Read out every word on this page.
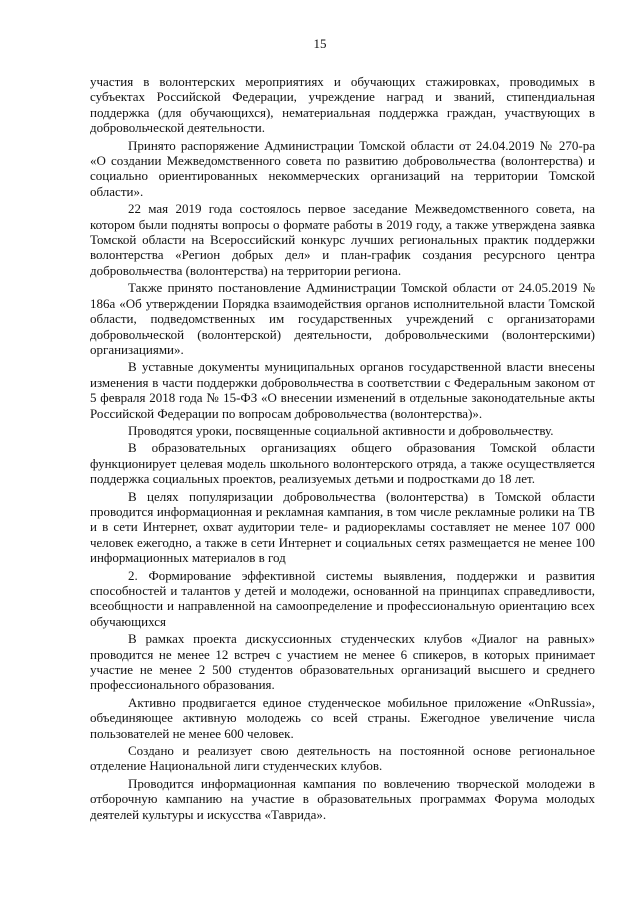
15

участия в волонтерских мероприятиях и обучающих стажировках, проводимых в субъектах Российской Федерации, учреждение наград и званий, стипендиальная поддержка (для обучающихся), нематериальная поддержка граждан, участвующих в добровольческой деятельности.

Принято распоряжение Администрации Томской области от 24.04.2019 № 270-ра «О создании Межведомственного совета по развитию добровольчества (волонтерства) и социально ориентированных некоммерческих организаций на территории Томской области».

22 мая 2019 года состоялось первое заседание Межведомственного совета, на котором были подняты вопросы о формате работы в 2019 году, а также утверждена заявка Томской области на Всероссийский конкурс лучших региональных практик поддержки волонтерства «Регион добрых дел» и план-график создания ресурсного центра добровольчества (волонтерства) на территории региона.

Также принято постановление Администрации Томской области от 24.05.2019 № 186а «Об утверждении Порядка взаимодействия органов исполнительной власти Томской области, подведомственных им государственных учреждений с организаторами добровольческой (волонтерской) деятельности, добровольческими (волонтерскими) организациями».

В уставные документы муниципальных органов государственной власти внесены изменения в части поддержки добровольчества в соответствии с Федеральным законом от 5 февраля 2018 года № 15-ФЗ «О внесении изменений в отдельные законодательные акты Российской Федерации по вопросам добровольчества (волонтерства)».

Проводятся уроки, посвященные социальной активности и добровольчеству.

В образовательных организациях общего образования Томской области функционирует целевая модель школьного волонтерского отряда, а также осуществляется поддержка социальных проектов, реализуемых детьми и подростками до 18 лет.

В целях популяризации добровольчества (волонтерства) в Томской области проводится информационная и рекламная кампания, в том числе рекламные ролики на ТВ и в сети Интернет, охват аудитории теле- и радиорекламы составляет не менее 107 000 человек ежегодно, а также в сети Интернет и социальных сетях размещается не менее 100 информационных материалов в год

2. Формирование эффективной системы выявления, поддержки и развития способностей и талантов у детей и молодежи, основанной на принципах справедливости, всеобщности и направленной на самоопределение и профессиональную ориентацию всех обучающихся

В рамках проекта дискуссионных студенческих клубов «Диалог на равных» проводится не менее 12 встреч с участием не менее 6 спикеров, в которых принимает участие не менее 2 500 студентов образовательных организаций высшего и среднего профессионального образования.

Активно продвигается единое студенческое мобильное приложение «OnRussia», объединяющее активную молодежь со всей страны. Ежегодное увеличение числа пользователей не менее 600 человек.

Создано и реализует свою деятельность на постоянной основе региональное отделение Национальной лиги студенческих клубов.

Проводится информационная кампания по вовлечению творческой молодежи в отборочную кампанию на участие в образовательных программах Форума молодых деятелей культуры и искусства «Таврида».
